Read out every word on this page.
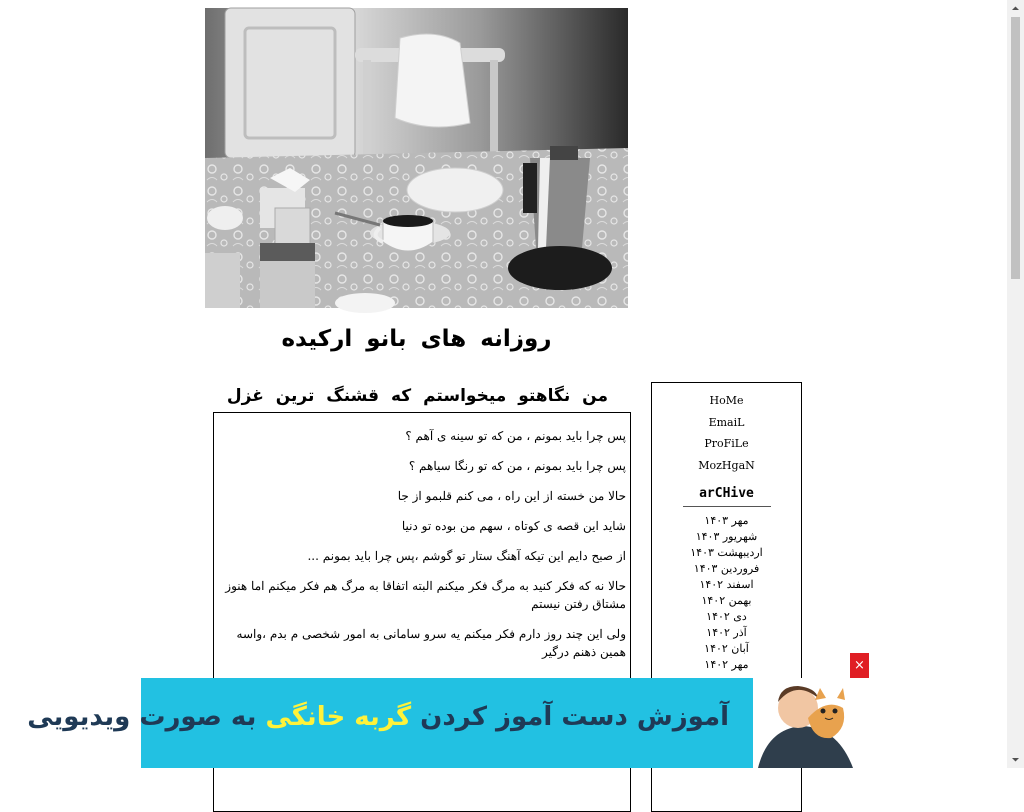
روزانه های بانو ارکیده
من نگاهتو میخواستم که قشنگ ترین غزل

پس چرا باید بمونم ، من که تو سینه ی آهم ؟

پس چرا باید بمونم ، من که تو رنگا سیاهم ؟

حالا من خسته از این راه ، می کنم قلبمو از جا

شاید این قصه ی کوتاه ، سهم من بوده تو دنیا

از صبح دایم این تیکه آهنگ ستار تو گوشم ،پس چرا باید بمونم ...

حالا نه که فکر کنید به مرگ فکر میکنم البته اتفاقا به مرگ هم فکر میکنم اما هنوز مشتاق رفتن نیستم

ولی این چند روز دارم فکر میکنم یه سرو سامانی به امور شخصی م بدم ،واسه همین ذهنم درگیر

HoMe
EmaiL
ProFiLe
MozHgaN
arCHive
مهر ۱۴۰۳
شهریور ۱۴۰۳
اردیبهشت ۱۴۰۳
فروردین ۱۴۰۳
اسفند ۱۴۰۲
بهمن ۱۴۰۲
دی ۱۴۰۲
آذر ۱۴۰۲
آبان ۱۴۰۲
مهر ۱۴۰۲
آموزش دست آموز کردن گربه خانگی به صورت ویدیویی
×
